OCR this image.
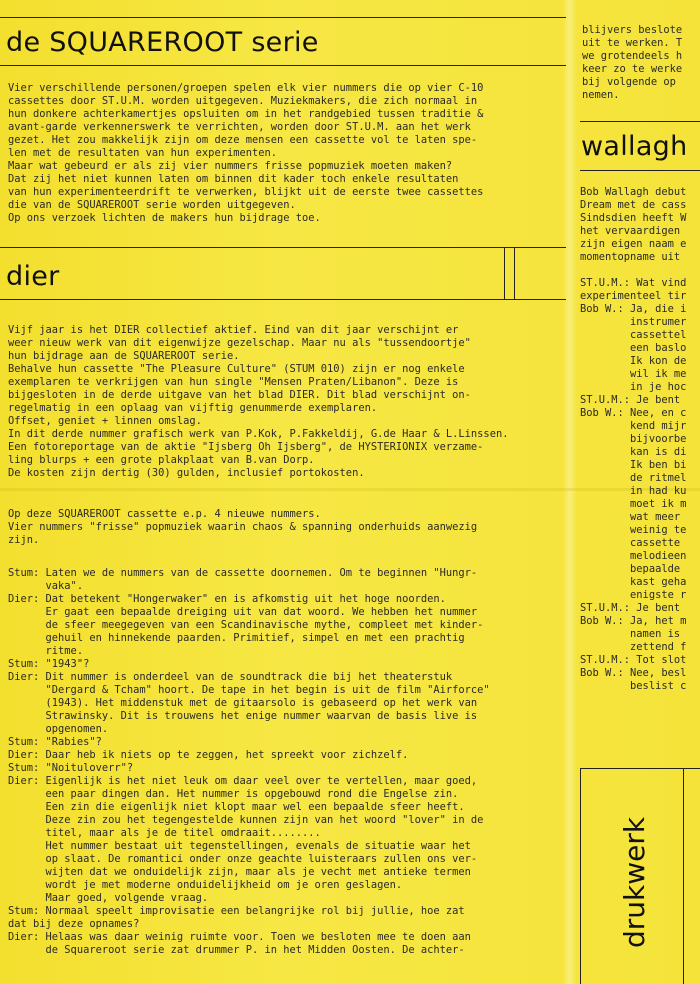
de SQUAREROOT serie
Vier verschillende personen/groepen spelen elk vier nummers die op vier C-10
cassettes door ST.U.M. worden uitgegeven. Muziekmakers, die zich normaal in
hun donkere achterkamertjes opsluiten om in het randgebied tussen traditie &
avant-garde verkennerswerk te verrichten, worden door ST.U.M. aan het werk
gezet. Het zou makkelijk zijn om deze mensen een cassette vol te laten spe-
len met de resultaten van hun experimenten.
Maar wat gebeurd er als zij vier nummers frisse popmuziek moeten maken?
Dat zij het niet kunnen laten om binnen dit kader toch enkele resultaten
van hun experimenteerdrift te verwerken, blijkt uit de eerste twee cassettes
die van de SQUAREROOT serie worden uitgegeven.
Op ons verzoek lichten de makers hun bijdrage toe.
dier
Vijf jaar is het DIER collectief aktief. Eind van dit jaar verschijnt er
weer nieuw werk van dit eigenwijze gezelschap. Maar nu als "tussendoortje"
hun bijdrage aan de SQUAREROOT serie.
Behalve hun cassette "The Pleasure Culture" (STUM 010) zijn er nog enkele
exemplaren te verkrijgen van hun single "Mensen Praten/Libanon". Deze is
bijgesloten in de derde uitgave van het blad DIER. Dit blad verschijnt on-
regelmatig in een oplaag van vijftig genummerde exemplaren.
Offset, geniet + linnen omslag.
In dit derde nummer grafisch werk van P.Kok, P.Fakkeldij, G.de Haar & L.Linssen.
Een fotoreportage van de aktie "Ijsberg Oh Ijsberg", de HYSTERIONIX verzame-
ling blurps + een grote plakplaat van B.van Dorp.
De kosten zijn dertig (30) gulden, inclusief portokosten.
Op deze SQUAREROOT cassette e.p. 4 nieuwe nummers.
Vier nummers "frisse" popmuziek waarin chaos & spanning onderhuids aanwezig
zijn.
Stum: Laten we de nummers van de cassette doornemen. Om te beginnen "Hungr-
vaka".
Dier: Dat betekent "Hongerwaker" en is afkomstig uit het hoge noorden.
Er gaat een bepaalde dreiging uit van dat woord. We hebben het nummer
de sfeer meegegeven van een Scandinavische mythe, compleet met kinder-
gehuil en hinnekende paarden. Primitief, simpel en met een prachtig
ritme.
Stum: "1943"?
Dier: Dit nummer is onderdeel van de soundtrack die bij het theaterstuk
"Dergard & Tcham" hoort. De tape in het begin is uit de film "Airforce"
(1943). Het middenstuk met de gitaarsolo is gebaseerd op het werk van
Strawinsky. Dit is trouwens het enige nummer waarvan de basis live is
opgenomen.
Stum: "Rabies"?
Dier: Daar heb ik niets op te zeggen, het spreekt voor zichzelf.
Stum: "Noituloverr"?
Dier: Eigenlijk is het niet leuk om daar veel over te vertellen, maar goed,
een paar dingen dan. Het nummer is opgebouwd rond die Engelse zin.
Een zin die eigenlijk niet klopt maar wel een bepaalde sfeer heeft.
Deze zin zou het tegengestelde kunnen zijn van het woord "lover" in de
titel, maar als je de titel omdraait........
Het nummer bestaat uit tegenstellingen, evenals de situatie waar het
op slaat. De romantici onder onze geachte luisteraars zullen ons ver-
wijten dat we onduidelijk zijn, maar als je vecht met antieke termen
wordt je met moderne onduidelijkheid om je oren geslagen.
Maar goed, volgende vraag.
Stum: Normaal speelt improvisatie een belangrijke rol bij jullie, hoe zat
dat bij deze opnames?
Dier: Helaas was daar weinig ruimte voor. Toen we besloten mee te doen aan
de Squareroot serie zat drummer P. in het Midden Oosten. De achter-
blijvers beslote
uit te werken. T
we grotendeels h
keer zo te werke
bij volgende op
nemen.
wallagh
Bob Wallagh debut
Dream met de cass
Sindsdien heeft W
het vervaardigen
zijn eigen naam e
momentopname uit

ST.U.M.: Wat vind
experimenteel tir
Bob W.: Ja, die i
instrumer
cassettel
een baslo
Ik kon de
wil ik me
in je hoc
ST.U.M.: Je bent
Bob W.: Nee, en c
kend mijr
bijvoorbe
kan is di
Ik ben bi
de ritmel
in had ku
moet ik m
wat meer
weinig te
cassette
melodieen
bepaalde
kast geha
enigste r
ST.U.M.: Je bent
Bob W.: Ja, het m
namen is
zettend f
ST.U.M.: Tot slot
Bob W.: Nee, besl
beslist c
drukwerk
